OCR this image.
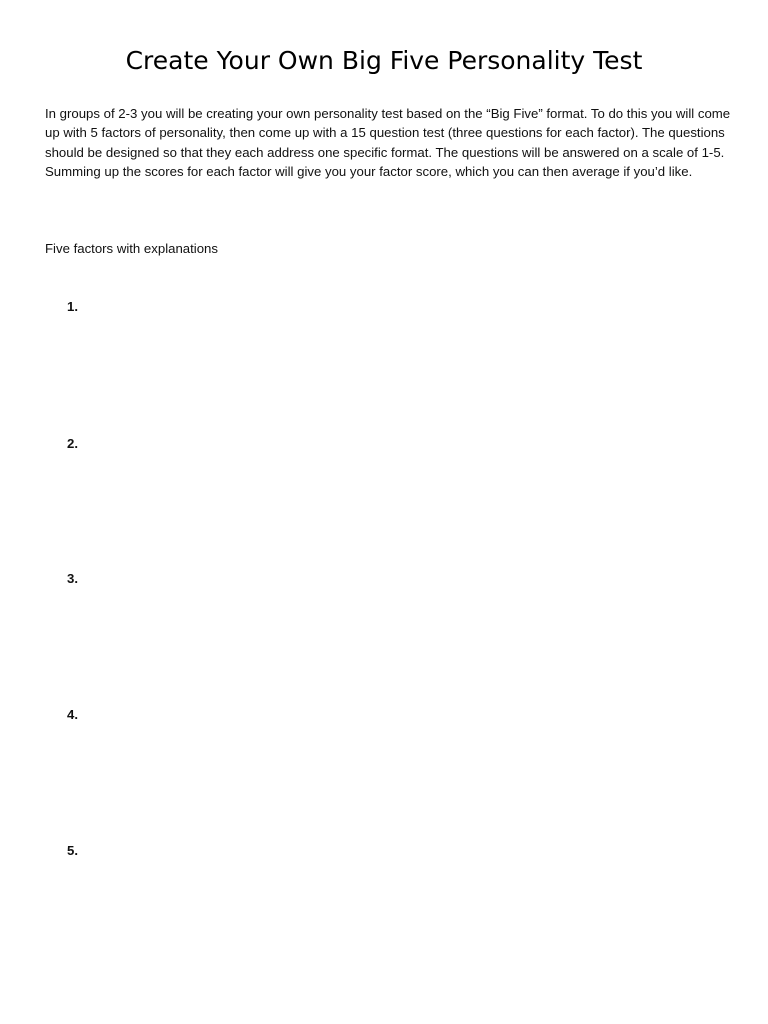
Create Your Own Big Five Personality Test

In groups of 2-3 you will be creating your own personality test based on the “Big Five” format. To do this you will come up with 5 factors of personality, then come up with a 15 question test (three questions for each factor). The questions should be designed so that they each address one specific format. The questions will be answered on a scale of 1-5. Summing up the scores for each factor will give you your factor score, which you can then average if you’d like.

Five factors with explanations

1.
2.
3.
4.
5.
